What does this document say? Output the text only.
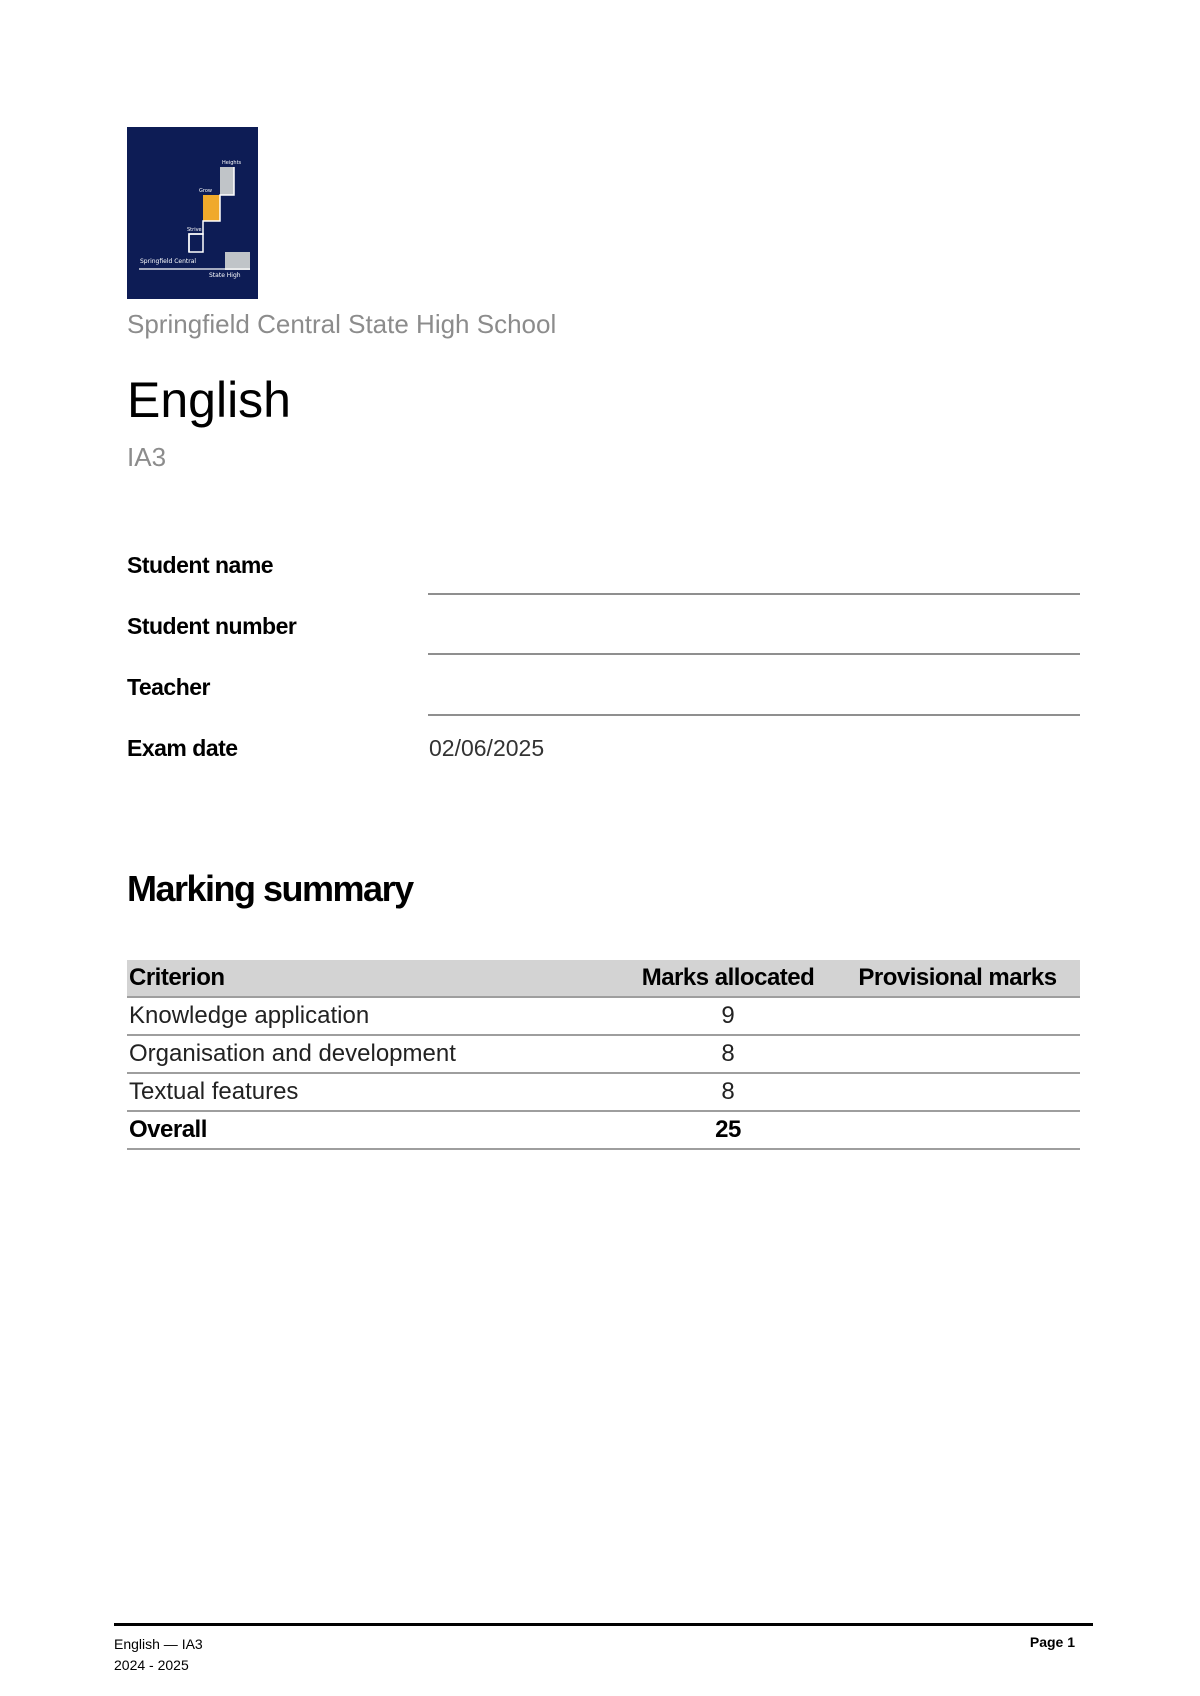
Heights
Grow
Strive
Springfield Central
State High
Springfield Central State High School
English
IA3
Student name
Student number
Teacher
Exam date	02/06/2025
Marking summary
Criterion	Marks allocated	Provisional marks
Knowledge application	9	
Organisation and development	8	
Textual features	8	
Overall	25	
English — IA3
2024 - 2025
Page 1
